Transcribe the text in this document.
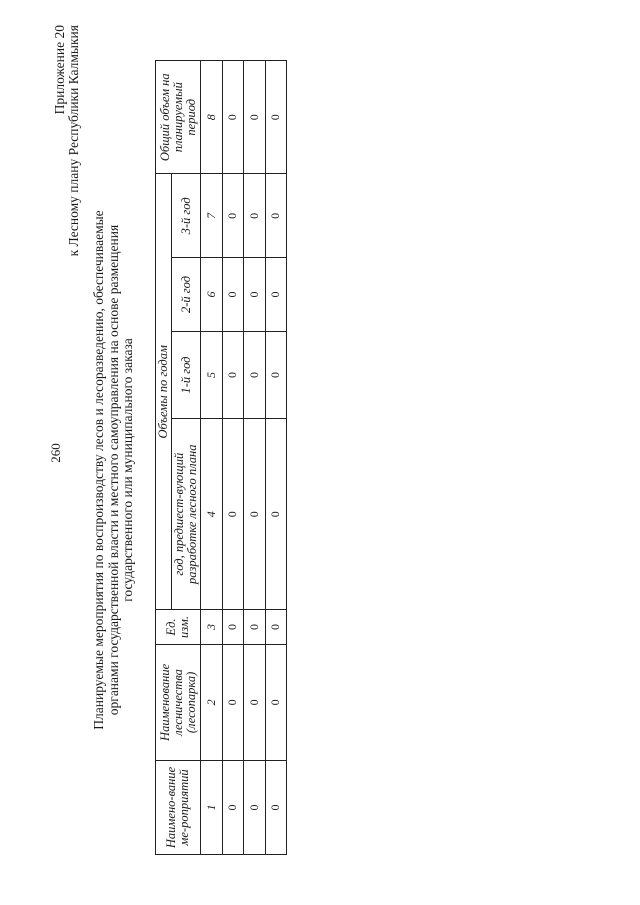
260
Приложение 20 к Лесному плану Республики Калмыкия
Планируемые мероприятия по воспроизводству лесов и лесоразведению, обеспечиваемые органами государственной власти и местного самоуправления на основе размещения государственного или муниципального заказа
Наимено-вание ме-роприятий	Наименование лесничества (лесопарка)	Ед. изм.	Объемы по годам				Общий объем на планируемый период
			год, предшест-вующий разработке лесного плана	1-й год	2-й год	3-й год	
1	2	3	4	5	6	7	8
0	0	0	0	0	0	0	0
0	0	0	0	0	0	0	0
0	0	0	0	0	0	0	0
